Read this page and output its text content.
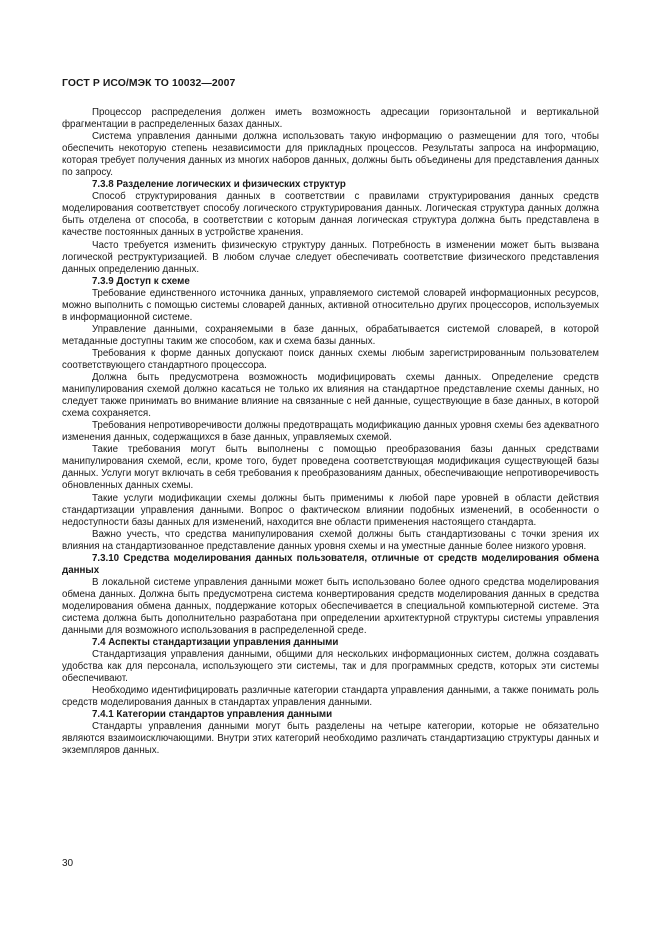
ГОСТ Р ИСО/МЭК ТО 10032—2007

Процессор распределения должен иметь возможность адресации горизонтальной и вертикальной фрагментации в распределенных базах данных.

Система управления данными должна использовать такую информацию о размещении для того, чтобы обеспечить некоторую степень независимости для прикладных процессов. Результаты запроса на информацию, которая требует получения данных из многих наборов данных, должны быть объединены для представления данных по запросу.

7.3.8 Разделение логических и физических структур

Способ структурирования данных в соответствии с правилами структурирования данных средств моделирования соответствует способу логического структурирования данных. Логическая структура данных должна быть отделена от способа, в соответствии с которым данная логическая структура должна быть представлена в качестве постоянных данных в устройстве хранения.

Часто требуется изменить физическую структуру данных. Потребность в изменении может быть вызвана логической реструктуризацией. В любом случае следует обеспечивать соответствие физического представления данных определению данных.

7.3.9 Доступ к схеме

Требование единственного источника данных, управляемого системой словарей информационных ресурсов, можно выполнить с помощью системы словарей данных, активной относительно других процессоров, используемых в информационной системе.

Управление данными, сохраняемыми в базе данных, обрабатывается системой словарей, в которой метаданные доступны таким же способом, как и схема базы данных.

Требования к форме данных допускают поиск данных схемы любым зарегистрированным пользователем соответствующего стандартного процессора.

Должна быть предусмотрена возможность модифицировать схемы данных. Определение средств манипулирования схемой должно касаться не только их влияния на стандартное представление схемы данных, но следует также принимать во внимание влияние на связанные с ней данные, существующие в базе данных, в которой схема сохраняется.

Требования непротиворечивости должны предотвращать модификацию данных уровня схемы без адекватного изменения данных, содержащихся в базе данных, управляемых схемой.

Такие требования могут быть выполнены с помощью преобразования базы данных средствами манипулирования схемой, если, кроме того, будет проведена соответствующая модификация существующей базы данных. Услуги могут включать в себя требования к преобразованиям данных, обеспечивающие непротиворечивость обновленных данных схемы.

Такие услуги модификации схемы должны быть применимы к любой паре уровней в области действия стандартизации управления данными. Вопрос о фактическом влиянии подобных изменений, в особенности о недоступности базы данных для изменений, находится вне области применения настоящего стандарта.

Важно учесть, что средства манипулирования схемой должны быть стандартизованы с точки зрения их влияния на стандартизованное представление данных уровня схемы и на уместные данные более низкого уровня.

7.3.10 Средства моделирования данных пользователя, отличные от средств моделирования обмена данных

В локальной системе управления данными может быть использовано более одного средства моделирования обмена данных. Должна быть предусмотрена система конвертирования средств моделирования данных в средства моделирования обмена данных, поддержание которых обеспечивается в специальной компьютерной системе. Эта система должна быть дополнительно разработана при определении архитектурной структуры системы управления данными для возможного использования в распределенной среде.

7.4 Аспекты стандартизации управления данными

Стандартизация управления данными, общими для нескольких информационных систем, должна создавать удобства как для персонала, использующего эти системы, так и для программных средств, которых эти системы обеспечивают.

Необходимо идентифицировать различные категории стандарта управления данными, а также понимать роль средств моделирования данных в стандартах управления данными.

7.4.1 Категории стандартов управления данными

Стандарты управления данными могут быть разделены на четыре категории, которые не обязательно являются взаимоисключающими. Внутри этих категорий необходимо различать стандартизацию структуры данных и экземпляров данных.

30
